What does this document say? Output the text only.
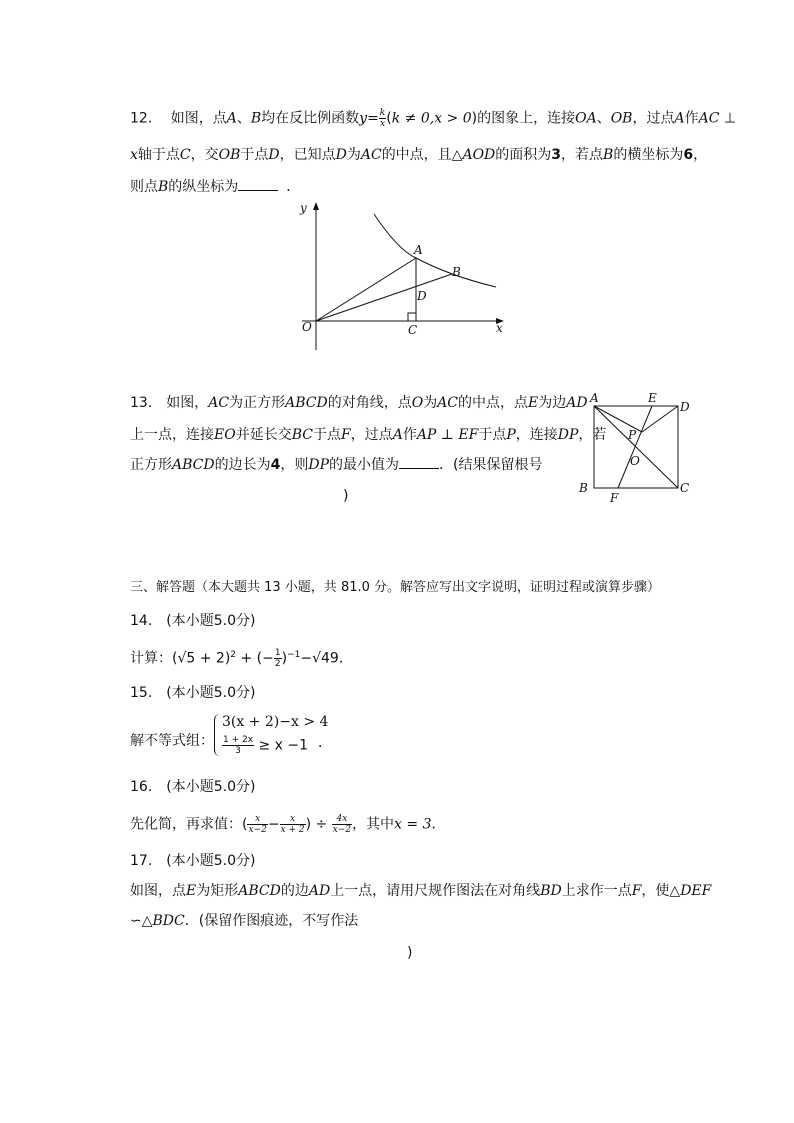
12. 如图，点A、B均在反比例函数$y= \frac{k}{x} (k \ne 0,x > 0)$的图象上，连接OA、OB，过点A作AC ⊥
x轴于点C，交OB于点D，已知点D为AC的中点，且△AOD的面积为3，若点B的横坐标为6，
则点B的纵坐标为	．
y
x
O
A
B
D
C
13. 如图，AC为正方形ABCD的对角线，点O为AC的中点，点E为边AD
上一点，连接EO并延长交BC于点F，过点A作AP ⊥ EF于点P，连接DP，若
正方形ABCD的边长为4，则DP的最小值为	．(结果保留根号
)
A	E
D
P
O
B
F
C
三、解答题（本大题共 13 小题，共 81.0 分。解答应写出文字说明，证明过程或演算步骤）
14. (本小题5.0分)
计算：$(√5 + 2)^2$ + (− $\frac{1}{2} )^{-1}-√49$．
15. (本小题5.0分)
解不等式组：
3(x + 2)−x > 4
$\frac{1 + 2x}{3} \ge x -1$ ．
16. (本小题5.0分)
先化简，再求值：( $\frac{x}{x-2} - \frac{x}{x + 2}$ ) ÷ $\frac{4x}{x-2}$ ，其中x = 3．
17. (本小题5.0分)
如图，点E为矩形ABCD的边AD上一点，请用尺规作图法在对角线BD上求作一点F，使△DEF
∽△BDC．(保留作图痕迹，不写作法
)
